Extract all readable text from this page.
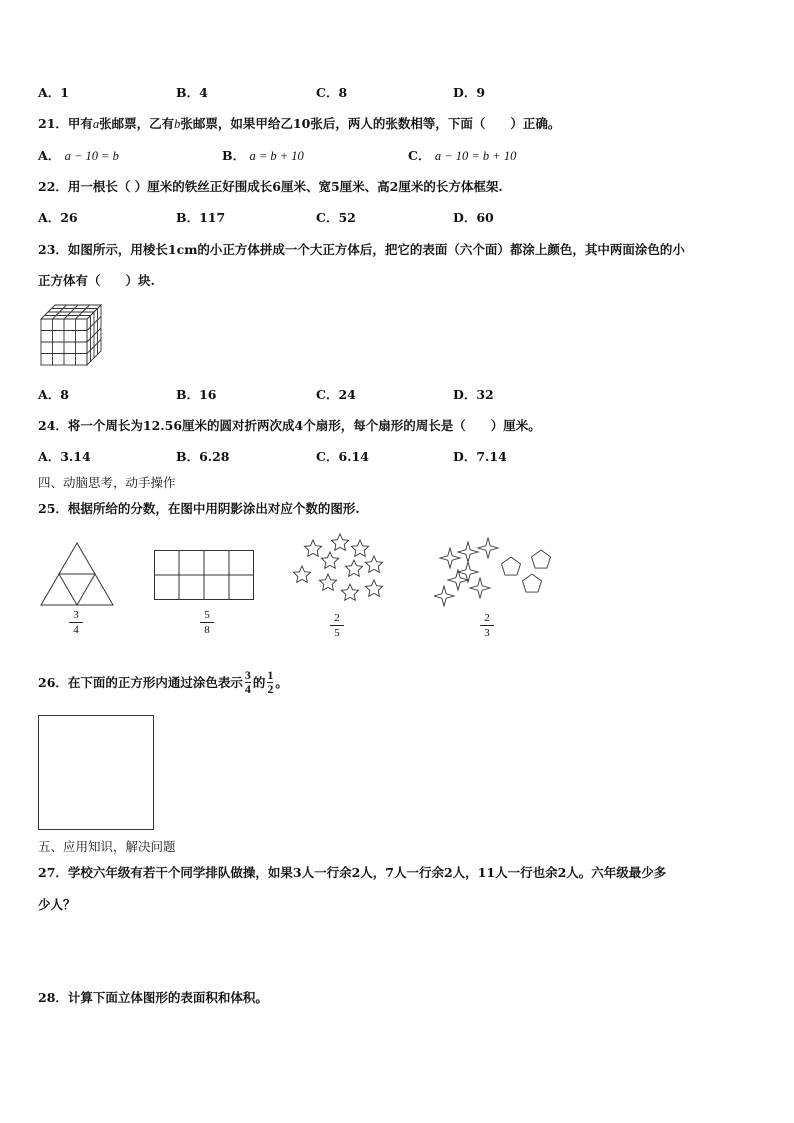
A．1	B．4	C．8	D．9
21．甲有a张邮票，乙有b张邮票，如果甲给乙10张后，两人的张数相等，下面（　　）正确。
A． a − 10 = b	B． a = b + 10	C． a − 10 = b + 10
22．用一根长（ ）厘米的铁丝正好围成长6厘米、宽5厘米、高2厘米的长方体框架.
A．26	B．117	C．52	D．60
23．如图所示，用棱长1cm的小正方体拼成一个大正方体后，把它的表面（六个面）都涂上颜色，其中两面涂色的小
正方体有（　　）块.
A．8	B．16	C．24	D．32
24．将一个周长为12.56厘米的圆对折两次成4个扇形，每个扇形的周长是（　　）厘米。
A．3.14	B．6.28	C．6.14	D．7.14
四、动脑思考，动手操作
25．根据所给的分数，在图中用阴影涂出对应个数的图形.
3
4
5
8
2
5
2
3
26．在下面的正方形内通过涂色表示
3
4 的
1
2 。
五、应用知识，解决问题
27．学校六年级有若干个同学排队做操，如果3人一行余2人，7人一行余2人，11人一行也余2人。六年级最少多
少人？
28．计算下面立体图形的表面积和体积。
